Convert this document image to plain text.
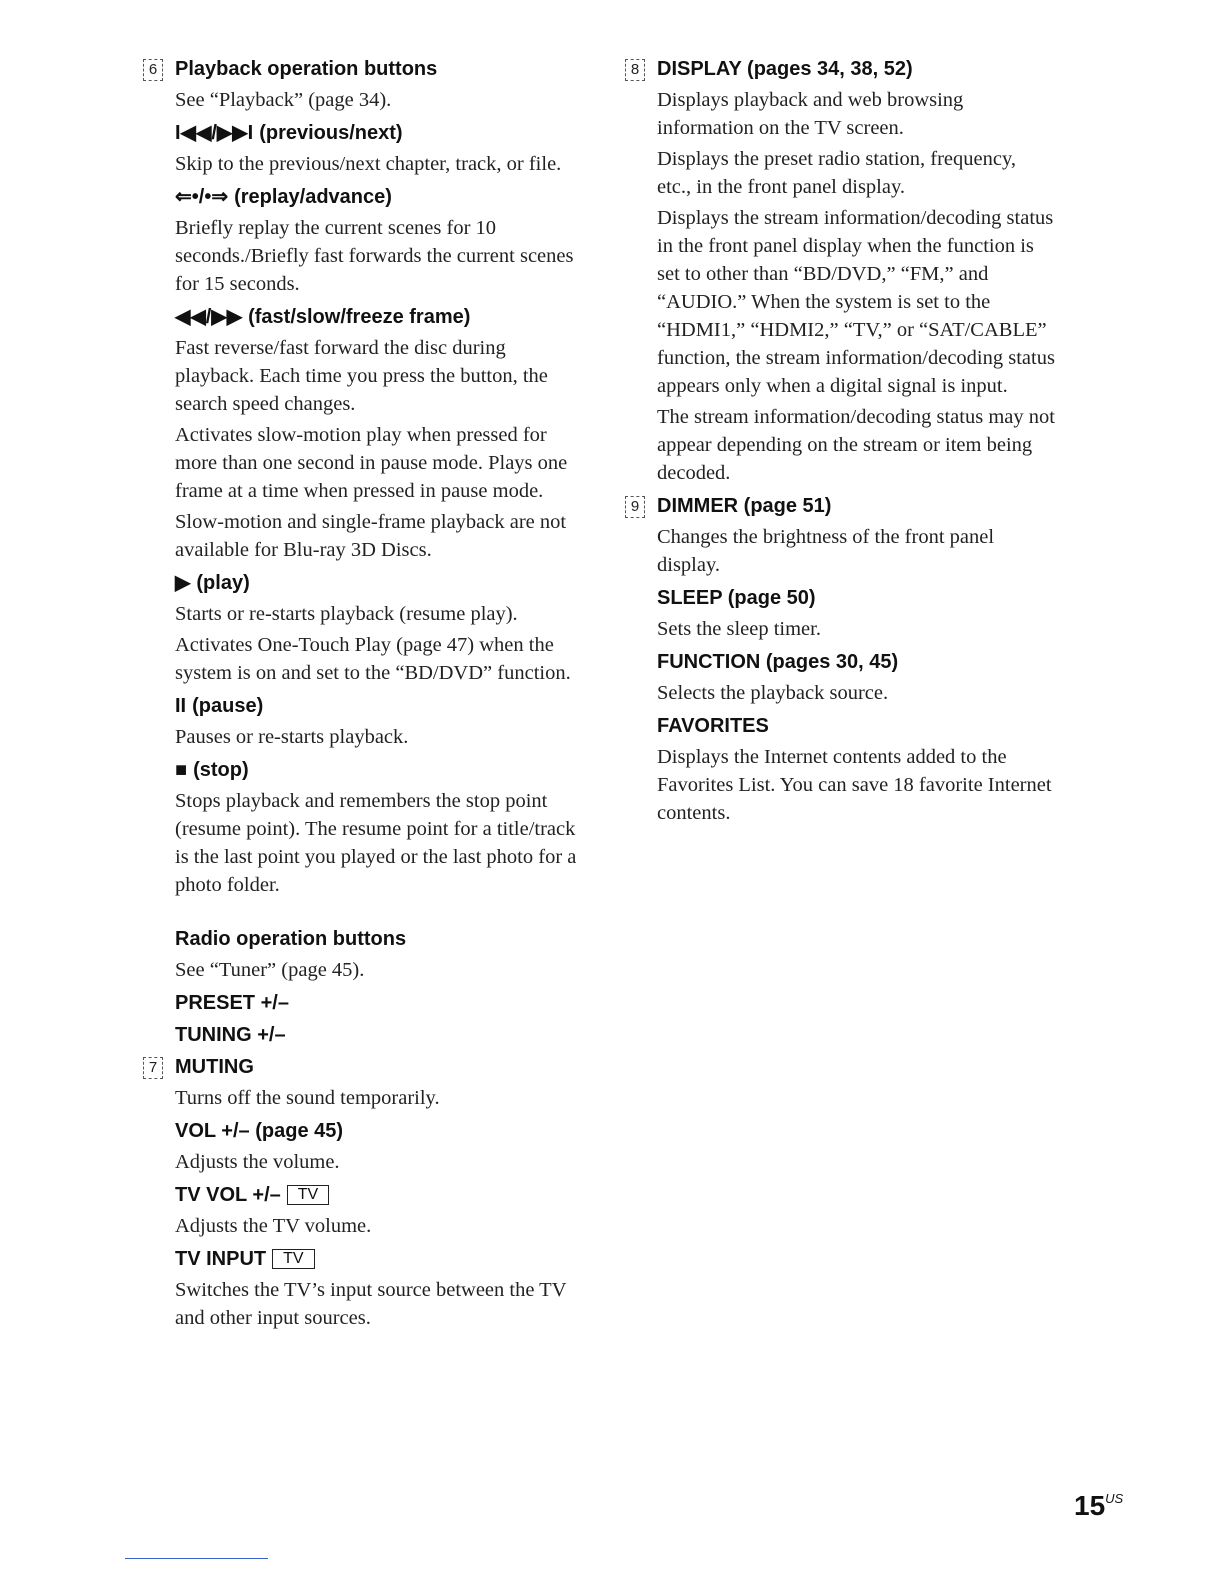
6 Playback operation buttons
See “Playback” (page 34).
I◀◀/▶▶I (previous/next)
Skip to the previous/next chapter, track, or file.
⇐•/•⇒ (replay/advance)
Briefly replay the current scenes for 10 seconds./Briefly fast forwards the current scenes for 15 seconds.
◀◀/▶▶ (fast/slow/freeze frame)
Fast reverse/fast forward the disc during playback. Each time you press the button, the search speed changes.
Activates slow-motion play when pressed for more than one second in pause mode. Plays one frame at a time when pressed in pause mode.
Slow-motion and single-frame playback are not available for Blu-ray 3D Discs.
▶ (play)
Starts or re-starts playback (resume play).
Activates One-Touch Play (page 47) when the system is on and set to the “BD/DVD” function.
II (pause)
Pauses or re-starts playback.
■ (stop)
Stops playback and remembers the stop point (resume point). The resume point for a title/track is the last point you played or the last photo for a photo folder.
Radio operation buttons
See “Tuner” (page 45).
PRESET +/–
TUNING +/–
7 MUTING
Turns off the sound temporarily.
VOL +/– (page 45)
Adjusts the volume.
TV VOL +/– TV
Adjusts the TV volume.
TV INPUT TV
Switches the TV’s input source between the TV and other input sources.
8 DISPLAY (pages 34, 38, 52)
Displays playback and web browsing information on the TV screen.
Displays the preset radio station, frequency, etc., in the front panel display.
Displays the stream information/decoding status in the front panel display when the function is set to other than “BD/DVD,” “FM,” and “AUDIO.” When the system is set to the “HDMI1,” “HDMI2,” “TV,” or “SAT/CABLE” function, the stream information/decoding status appears only when a digital signal is input.
The stream information/decoding status may not appear depending on the stream or item being decoded.
9 DIMMER (page 51)
Changes the brightness of the front panel display.
SLEEP (page 50)
Sets the sleep timer.
FUNCTION (pages 30, 45)
Selects the playback source.
FAVORITES
Displays the Internet contents added to the Favorites List. You can save 18 favorite Internet contents.
$15^{US}$
